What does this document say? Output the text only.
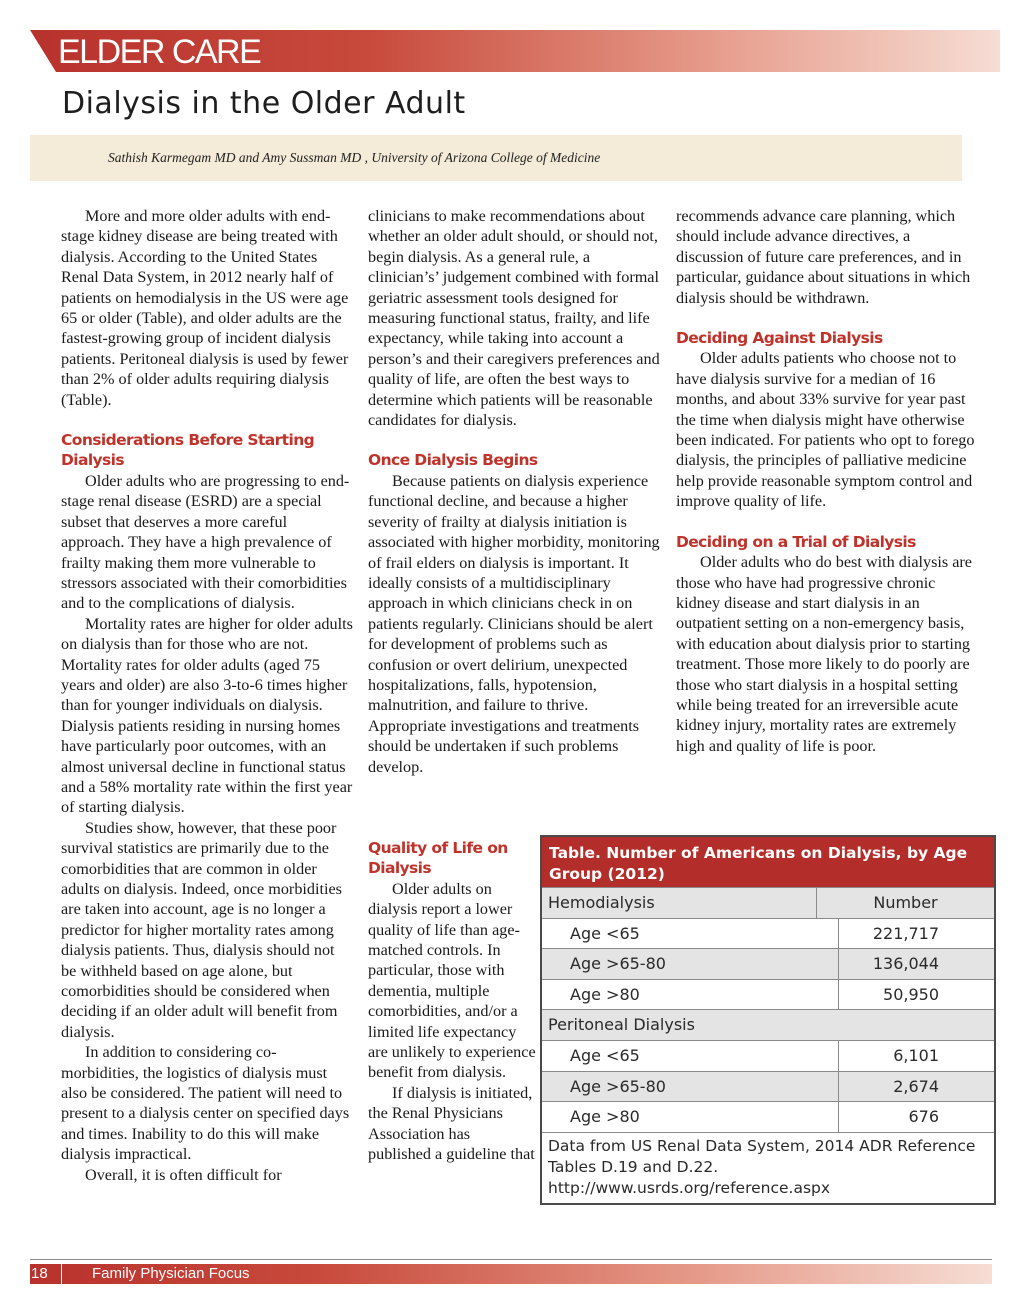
ELDER CARE
Dialysis in the Older Adult
Sathish Karmegam MD and Amy Sussman MD , University of Arizona College of Medicine

More and more older adults with end-stage kidney disease are being treated with dialysis. According to the United States Renal Data System, in 2012 nearly half of patients on hemodialysis in the US were age 65 or older (Table), and older adults are the fastest-growing group of incident dialysis patients. Peritoneal dialysis is used by fewer than 2% of older adults requiring dialysis (Table).

Considerations Before Starting Dialysis

Older adults who are progressing to end-stage renal disease (ESRD) are a special subset that deserves a more careful approach. They have a high prevalence of frailty making them more vulnerable to stressors associated with their comorbidities and to the complications of dialysis.

Mortality rates are higher for older adults on dialysis than for those who are not. Mortality rates for older adults (aged 75 years and older) are also 3-to-6 times higher than for younger individuals on dialysis. Dialysis patients residing in nursing homes have particularly poor outcomes, with an almost universal decline in functional status and a 58% mortality rate within the first year of starting dialysis.

Studies show, however, that these poor survival statistics are primarily due to the comorbidities that are common in older adults on dialysis. Indeed, once morbidities are taken into account, age is no longer a predictor for higher mortality rates among dialysis patients. Thus, dialysis should not be withheld based on age alone, but comorbidities should be considered when deciding if an older adult will benefit from dialysis.

In addition to considering co-morbidities, the logistics of dialysis must also be considered. The patient will need to present to a dialysis center on specified days and times. Inability to do this will make dialysis impractical.

Overall, it is often difficult for

clinicians to make recommendations about whether an older adult should, or should not, begin dialysis. As a general rule, a clinician’s’ judgement combined with formal geriatric assessment tools designed for measuring functional status, frailty, and life expectancy, while taking into account a person’s and their caregivers preferences and quality of life, are often the best ways to determine which patients will be reasonable candidates for dialysis.

Once Dialysis Begins

Because patients on dialysis experience functional decline, and because a higher severity of frailty at dialysis initiation is associated with higher morbidity, monitoring of frail elders on dialysis is important. It ideally consists of a multidisciplinary approach in which clinicians check in on patients regularly. Clinicians should be alert for development of problems such as confusion or overt delirium, unexpected hospitalizations, falls, hypotension, malnutrition, and failure to thrive. Appropriate investigations and treatments should be undertaken if such problems develop.

Quality of Life on Dialysis

Older adults on dialysis report a lower quality of life than age-matched controls. In particular, those with dementia, multiple comorbidities, and/or a limited life expectancy are unlikely to experience benefit from dialysis.

If dialysis is initiated, the Renal Physicians Association has published a guideline that

recommends advance care planning, which should include advance directives, a discussion of future care preferences, and in particular, guidance about situations in which dialysis should be withdrawn.

Deciding Against Dialysis

Older adults patients who choose not to have dialysis survive for a median of 16 months, and about 33% survive for year past the time when dialysis might have otherwise been indicated. For patients who opt to forego dialysis, the principles of palliative medicine help provide reasonable symptom control and improve quality of life.

Deciding on a Trial of Dialysis

Older adults who do best with dialysis are those who have had progressive chronic kidney disease and start dialysis in an outpatient setting on a non-emergency basis, with education about dialysis prior to starting treatment. Those more likely to do poorly are those who start dialysis in a hospital setting while being treated for an irreversible acute kidney injury, mortality rates are extremely high and quality of life is poor.

Table. Number of Americans on Dialysis, by Age Group (2012)
Hemodialysis	Number
Age <65	221,717
Age >65-80	136,044
Age >80	50,950
Peritoneal Dialysis
Age <65	6,101
Age >65-80	2,674
Age >80	676
Data from US Renal Data System, 2014 ADR Reference Tables D.19 and D.22. http://www.usrds.org/reference.aspx
18	Family Physician Focus
